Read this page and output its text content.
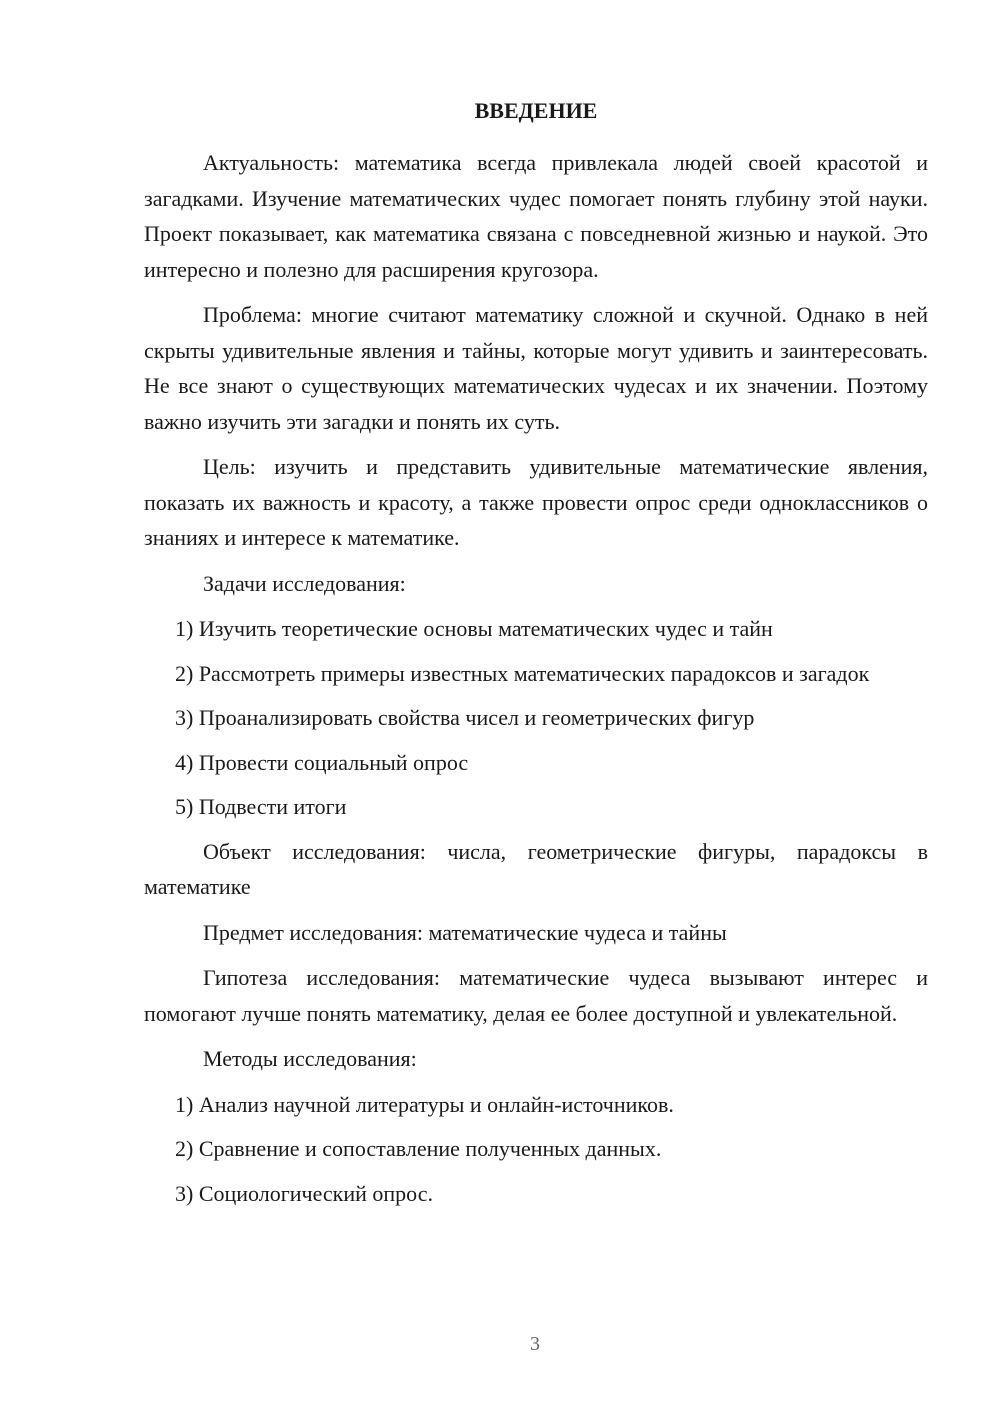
ВВЕДЕНИЕ

Актуальность: математика всегда привлекала людей своей красотой и загадками. Изучение математических чудес помогает понять глубину этой науки. Проект показывает, как математика связана с повседневной жизнью и наукой. Это интересно и полезно для расширения кругозора.

Проблема: многие считают математику сложной и скучной. Однако в ней скрыты удивительные явления и тайны, которые могут удивить и заинтересовать. Не все знают о существующих математических чудесах и их значении. Поэтому важно изучить эти загадки и понять их суть.

Цель: изучить и представить удивительные математические явления, показать их важность и красоту, а также провести опрос среди одноклассников о знаниях и интересе к математике.

Задачи исследования:

1) Изучить теоретические основы математических чудес и тайн

2) Рассмотреть примеры известных математических парадоксов и загадок

3) Проанализировать свойства чисел и геометрических фигур

4) Провести социальный опрос

5) Подвести итоги

Объект исследования: числа, геометрические фигуры, парадоксы в математике

Предмет исследования: математические чудеса и тайны

Гипотеза исследования: математические чудеса вызывают интерес и помогают лучше понять математику, делая ее более доступной и увлекательной.

Методы исследования:

1) Анализ научной литературы и онлайн-источников.

2) Сравнение и сопоставление полученных данных.

3) Социологический опрос.

3
